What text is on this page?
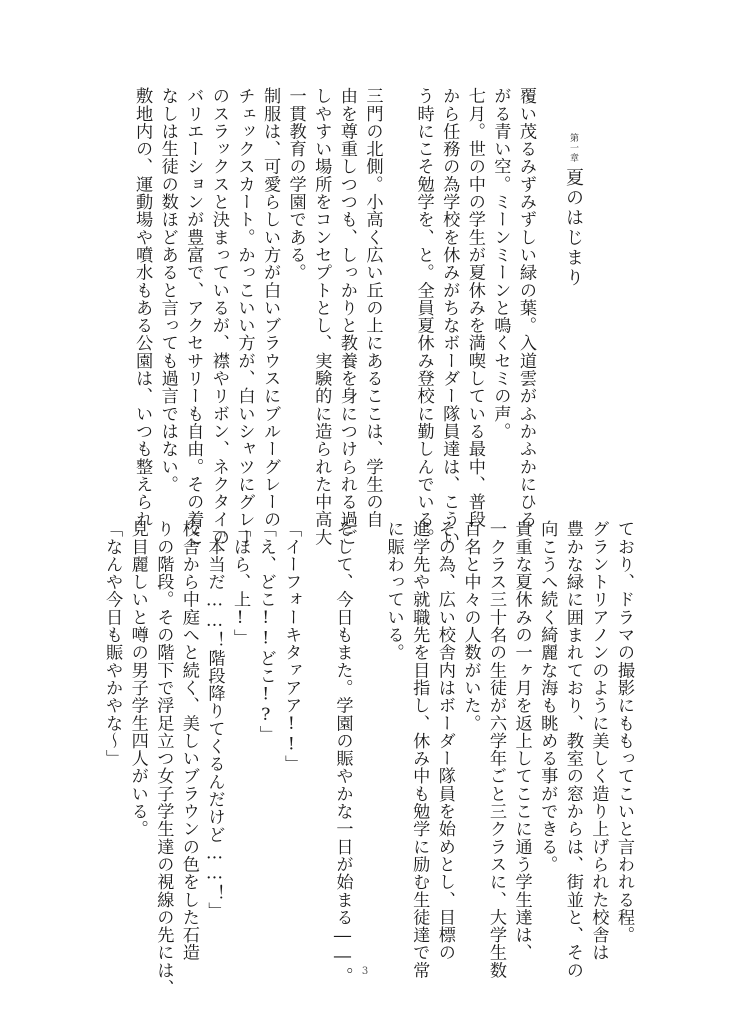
第一章 夏のはじまり
覆い茂るみずみずしい緑の葉。入道雲がふかふかにひろ
がる青い空。ミーンミーンと鳴くセミの声。
七月。世の中の学生が夏休みを満喫している最中、普段
から任務の為学校を休みがちなボーダー隊員達は、こうい
う時にこそ勉学を、と。全員夏休み登校に勤しんでいる。
三門の北側。小高く広い丘の上にあるここは、学生の自
由を尊重しつつも、しっかりと教養を身につけられる過ご
しやすい場所をコンセプトとし、実験的に造られた中高大
一貫教育の学園である。
制服は、可愛らしい方が白いブラウスにブルーグレーの
チェックスカート。かっこいい方が、白いシャツにグレー
のスラックスと決まっているが、襟やリボン、ネクタイの
バリエーションが豊富で、アクセサリーも自由。その着こ
なしは生徒の数ほどあると言っても過言ではない。
敷地内の、運動場や噴水もある公園は、いつも整えられ
ており、ドラマの撮影にももってこいと言われる程。
グラントリアノンのように美しく造り上げられた校舎は
豊かな緑に囲まれており、教室の窓からは、街並と、その
向こうへ続く綺麗な海も眺める事ができる。
貴重な夏休みの一ヶ月を返上してここに通う学生達は、
一クラス三十名の生徒が六学年ごと三クラスに、大学生数
百名と中々の人数がいた。
その為、広い校舎内はボーダー隊員を始めとし、目標の
進学先や就職先を目指し、休み中も勉学に励む生徒達で常
に賑わっている。
そして、今日もまた。学園の賑やかな一日が始まる――。
「イーフォーキタァアア!!」
「え、どこ!!どこ!?」
「ほら、上!」
「本当だ……！階段降りてくるんだけど……！」
校舎から中庭へと続く、美しいブラウンの色をした石造
りの階段。その階下で浮足立つ女子学生達の視線の先には、
見目麗しいと噂の男子学生四人がいる。
「なんや今日も賑やかやな～」
3
